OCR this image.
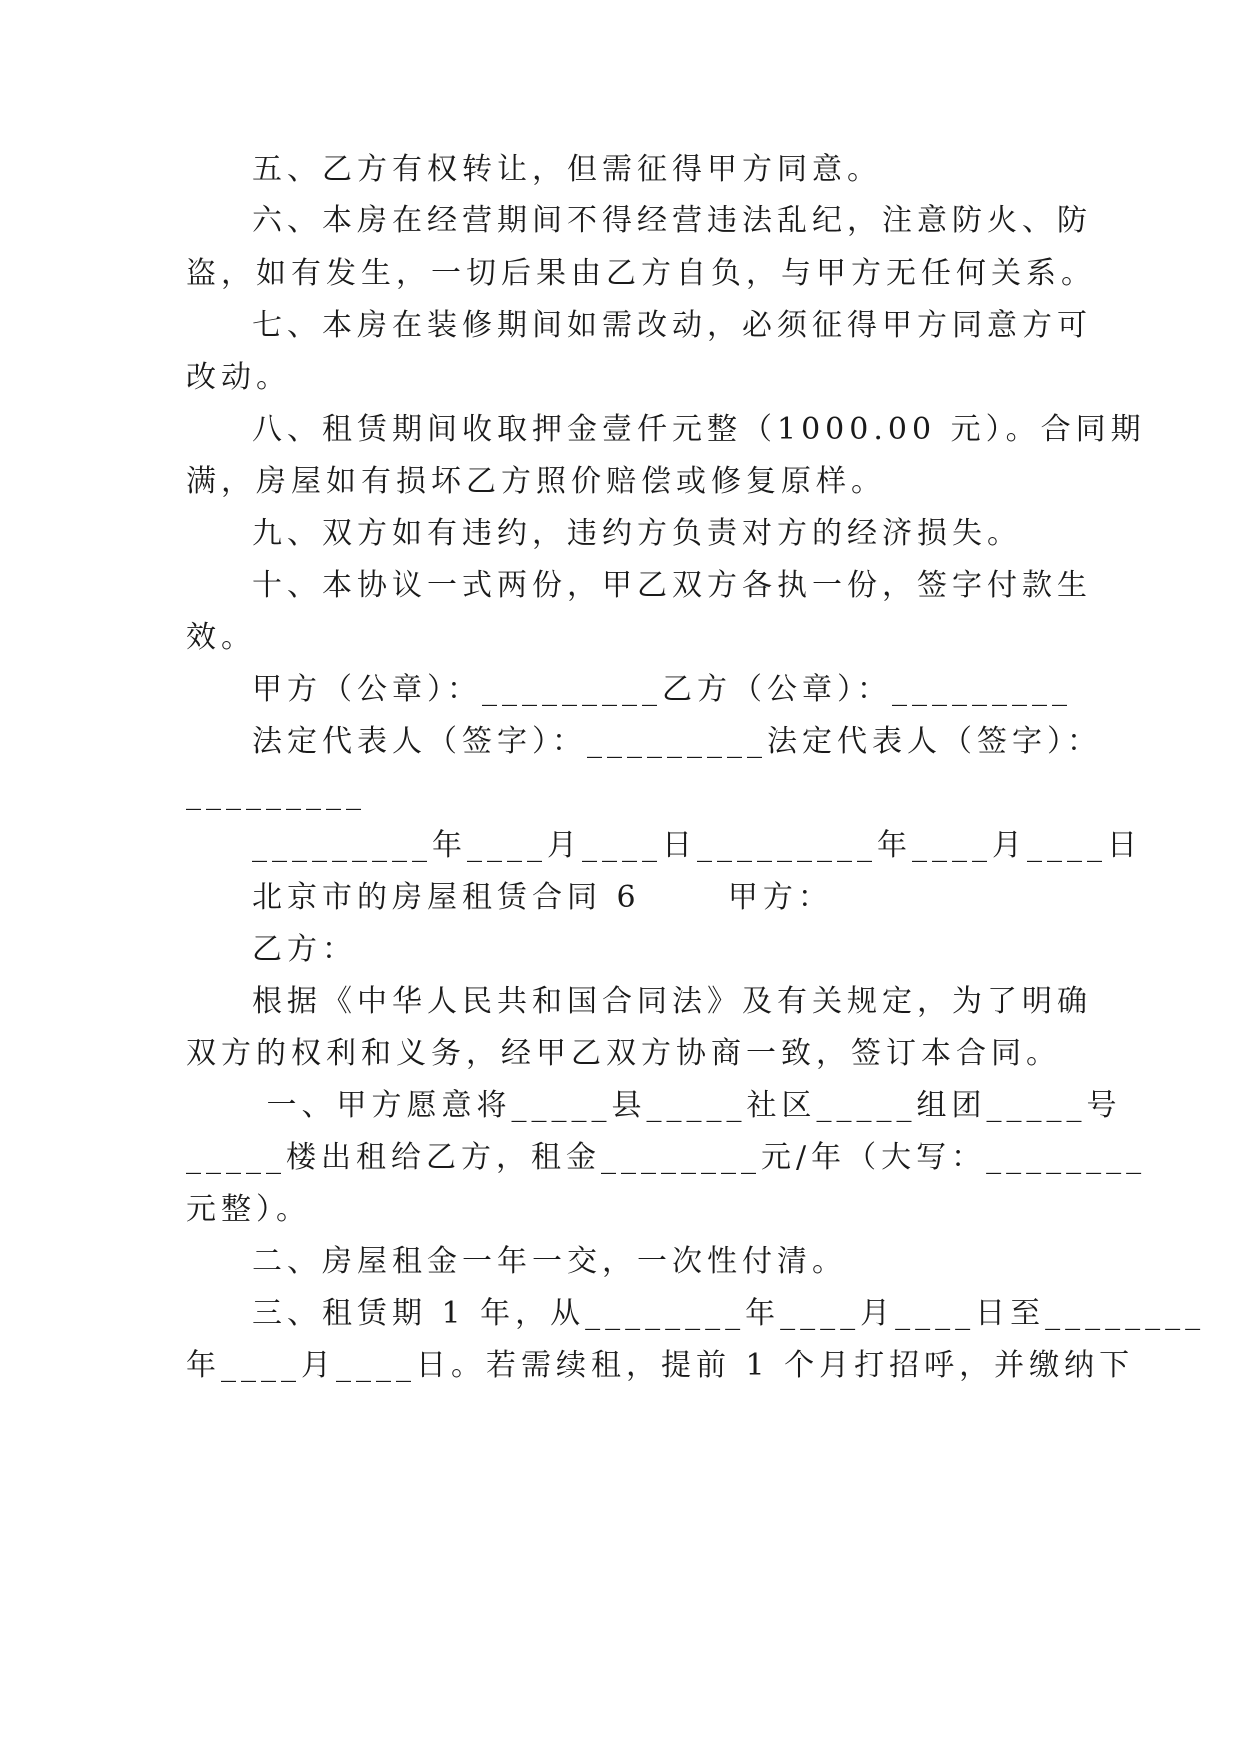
五、乙方有权转让，但需征得甲方同意。
六、本房在经营期间不得经营违法乱纪，注意防火、防
盗，如有发生，一切后果由乙方自负，与甲方无任何关系。
七、本房在装修期间如需改动，必须征得甲方同意方可
改动。
八、租赁期间收取押金壹仟元整（1000.00 元）。合同期
满，房屋如有损坏乙方照价赔偿或修复原样。
九、双方如有违约，违约方负责对方的经济损失。
十、本协议一式两份，甲乙双方各执一份，签字付款生
效。
甲方（公章）：_________乙方（公章）：_________
法定代表人（签字）：_________法定代表人（签字）：
_________
_________年____月____日_________年____月____日
北京市的房屋租赁合同 6      甲方：
乙方：
根据《中华人民共和国合同法》及有关规定，为了明确
双方的权利和义务，经甲乙双方协商一致，签订本合同。
一、甲方愿意将_____县_____社区_____组团_____号
_____楼出租给乙方，租金________元/年（大写：________
元整）。
二、房屋租金一年一交，一次性付清。
三、租赁期 1 年，从________年____月____日至________
年____月____日。若需续租，提前 1 个月打招呼，并缴纳下
